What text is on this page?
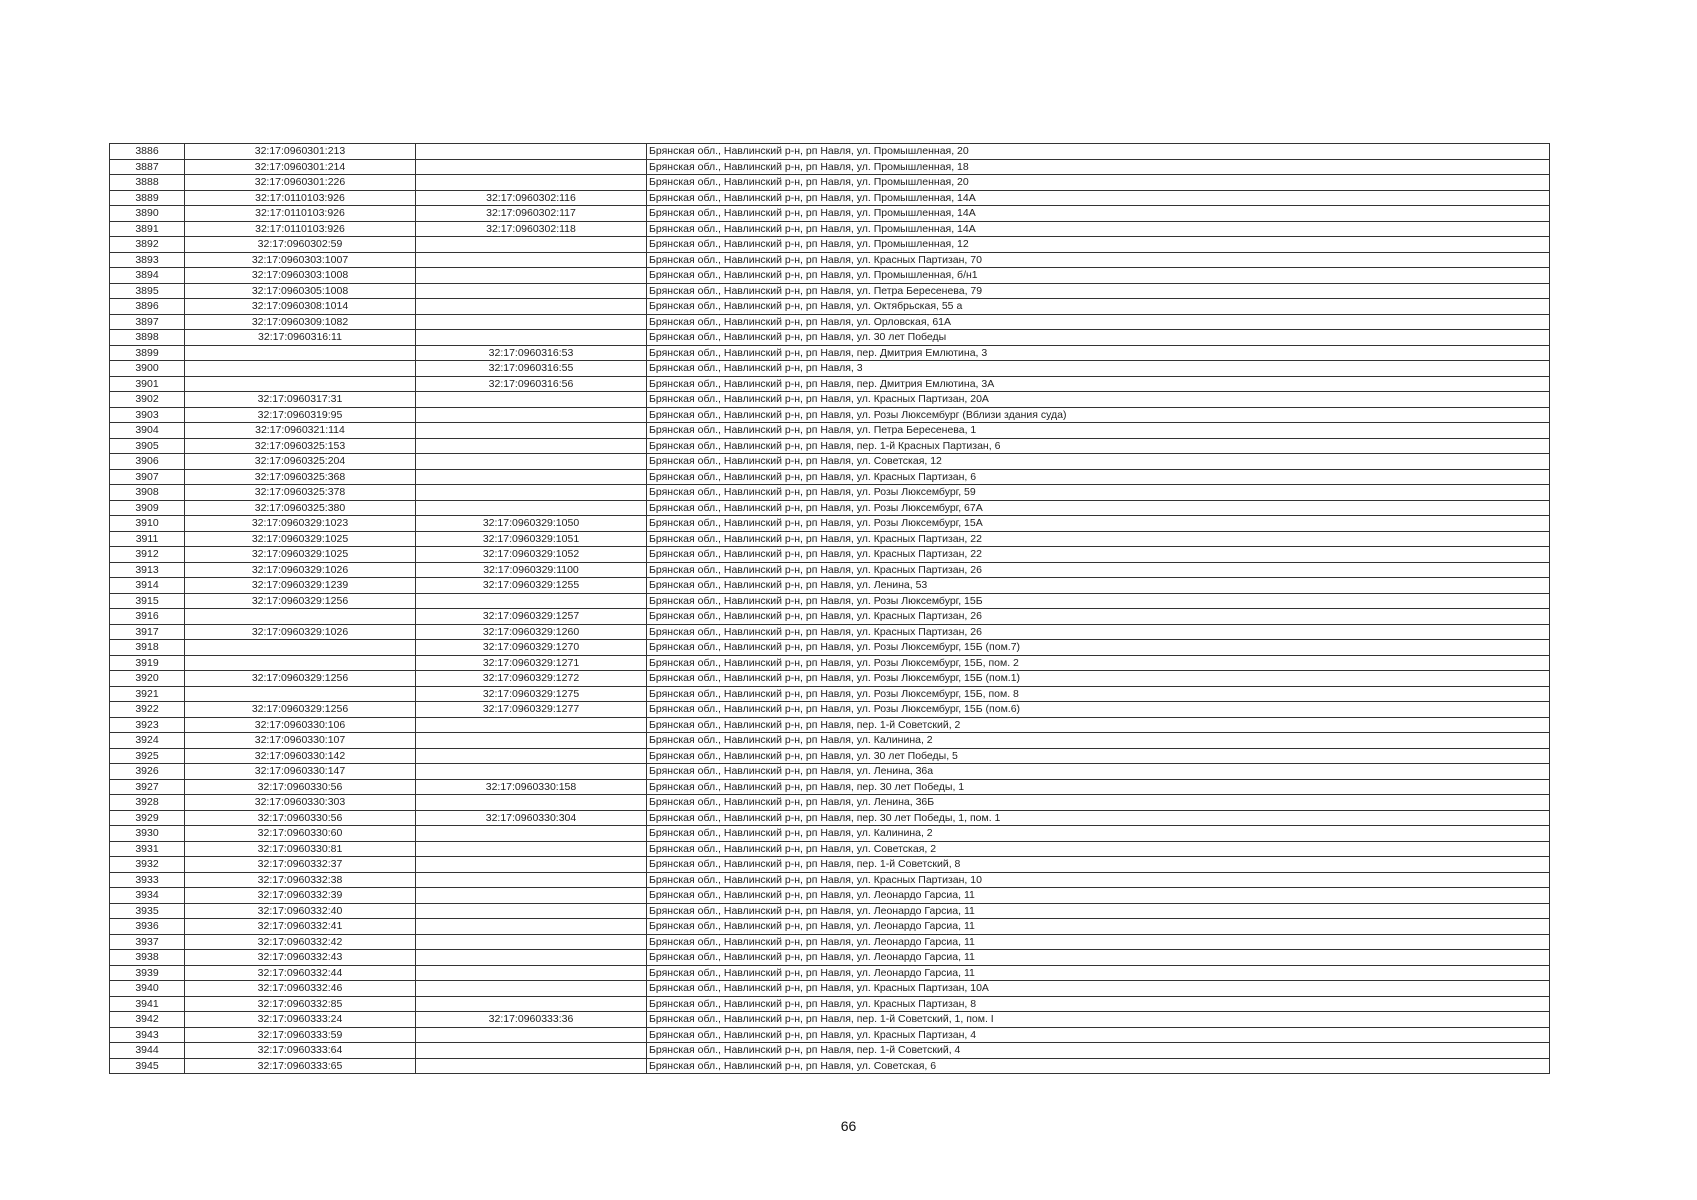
3886	32:17:0960301:213		Брянская обл., Навлинский р-н, рп Навля, ул. Промышленная, 20
3887	32:17:0960301:214		Брянская обл., Навлинский р-н, рп Навля, ул. Промышленная, 18
3888	32:17:0960301:226		Брянская обл., Навлинский р-н, рп Навля, ул. Промышленная, 20
3889	32:17:0110103:926	32:17:0960302:116	Брянская обл., Навлинский р-н, рп Навля, ул. Промышленная, 14А
3890	32:17:0110103:926	32:17:0960302:117	Брянская обл., Навлинский р-н, рп Навля, ул. Промышленная, 14А
3891	32:17:0110103:926	32:17:0960302:118	Брянская обл., Навлинский р-н, рп Навля, ул. Промышленная, 14А
3892	32:17:0960302:59		Брянская обл., Навлинский р-н, рп Навля, ул. Промышленная, 12
3893	32:17:0960303:1007		Брянская обл., Навлинский р-н, рп Навля, ул. Красных Партизан, 70
3894	32:17:0960303:1008		Брянская обл., Навлинский р-н, рп Навля, ул. Промышленная, б/н1
3895	32:17:0960305:1008		Брянская обл., Навлинский р-н, рп Навля, ул. Петра Бересенева, 79
3896	32:17:0960308:1014		Брянская обл., Навлинский р-н, рп Навля, ул. Октябрьская, 55 а
3897	32:17:0960309:1082		Брянская обл., Навлинский р-н, рп Навля, ул. Орловская, 61А
3898	32:17:0960316:11		Брянская обл., Навлинский р-н, рп Навля, ул. 30 лет Победы
3899		32:17:0960316:53	Брянская обл., Навлинский р-н, рп Навля, пер. Дмитрия Емлютина, 3
3900		32:17:0960316:55	Брянская обл., Навлинский р-н, рп Навля, 3
3901		32:17:0960316:56	Брянская обл., Навлинский р-н, рп Навля, пер. Дмитрия Емлютина, 3А
3902	32:17:0960317:31		Брянская обл., Навлинский р-н, рп Навля, ул. Красных Партизан, 20А
3903	32:17:0960319:95		Брянская обл., Навлинский р-н, рп Навля, ул. Розы Люксембург (Вблизи здания суда)
3904	32:17:0960321:114		Брянская обл., Навлинский р-н, рп Навля, ул. Петра Бересенева, 1
3905	32:17:0960325:153		Брянская обл., Навлинский р-н, рп Навля, пер. 1-й Красных Партизан, 6
3906	32:17:0960325:204		Брянская обл., Навлинский р-н, рп Навля, ул. Советская, 12
3907	32:17:0960325:368		Брянская обл., Навлинский р-н, рп Навля, ул. Красных Партизан, 6
3908	32:17:0960325:378		Брянская обл., Навлинский р-н, рп Навля, ул. Розы Люксембург, 59
3909	32:17:0960325:380		Брянская обл., Навлинский р-н, рп Навля, ул. Розы Люксембург, 67А
3910	32:17:0960329:1023	32:17:0960329:1050	Брянская обл., Навлинский р-н, рп Навля, ул. Розы Люксембург, 15А
3911	32:17:0960329:1025	32:17:0960329:1051	Брянская обл., Навлинский р-н, рп Навля, ул. Красных Партизан, 22
3912	32:17:0960329:1025	32:17:0960329:1052	Брянская обл., Навлинский р-н, рп Навля, ул. Красных Партизан, 22
3913	32:17:0960329:1026	32:17:0960329:1100	Брянская обл., Навлинский р-н, рп Навля, ул. Красных Партизан, 26
3914	32:17:0960329:1239	32:17:0960329:1255	Брянская обл., Навлинский р-н, рп Навля, ул. Ленина, 53
3915	32:17:0960329:1256		Брянская обл., Навлинский р-н, рп Навля, ул. Розы Люксембург, 15Б
3916		32:17:0960329:1257	Брянская обл., Навлинский р-н, рп Навля, ул. Красных Партизан, 26
3917	32:17:0960329:1026	32:17:0960329:1260	Брянская обл., Навлинский р-н, рп Навля, ул. Красных Партизан, 26
3918		32:17:0960329:1270	Брянская обл., Навлинский р-н, рп Навля, ул. Розы Люксембург, 15Б (пом.7)
3919		32:17:0960329:1271	Брянская обл., Навлинский р-н, рп Навля, ул. Розы Люксембург, 15Б, пом. 2
3920	32:17:0960329:1256	32:17:0960329:1272	Брянская обл., Навлинский р-н, рп Навля, ул. Розы Люксембург, 15Б (пом.1)
3921		32:17:0960329:1275	Брянская обл., Навлинский р-н, рп Навля, ул. Розы Люксембург, 15Б, пом. 8
3922	32:17:0960329:1256	32:17:0960329:1277	Брянская обл., Навлинский р-н, рп Навля, ул. Розы Люксембург, 15Б (пом.6)
3923	32:17:0960330:106		Брянская обл., Навлинский р-н, рп Навля, пер. 1-й Советский, 2
3924	32:17:0960330:107		Брянская обл., Навлинский р-н, рп Навля, ул. Калинина, 2
3925	32:17:0960330:142		Брянская обл., Навлинский р-н, рп Навля, ул. 30 лет Победы, 5
3926	32:17:0960330:147		Брянская обл., Навлинский р-н, рп Навля, ул. Ленина, 36а
3927	32:17:0960330:56	32:17:0960330:158	Брянская обл., Навлинский р-н, рп Навля, пер. 30 лет Победы, 1
3928	32:17:0960330:303		Брянская обл., Навлинский р-н, рп Навля, ул. Ленина, 36Б
3929	32:17:0960330:56	32:17:0960330:304	Брянская обл., Навлинский р-н, рп Навля, пер. 30 лет Победы, 1, пом. 1
3930	32:17:0960330:60		Брянская обл., Навлинский р-н, рп Навля, ул. Калинина, 2
3931	32:17:0960330:81		Брянская обл., Навлинский р-н, рп Навля, ул. Советская, 2
3932	32:17:0960332:37		Брянская обл., Навлинский р-н, рп Навля, пер. 1-й Советский, 8
3933	32:17:0960332:38		Брянская обл., Навлинский р-н, рп Навля, ул. Красных Партизан, 10
3934	32:17:0960332:39		Брянская обл., Навлинский р-н, рп Навля, ул. Леонардо Гарсиа, 11
3935	32:17:0960332:40		Брянская обл., Навлинский р-н, рп Навля, ул. Леонардо Гарсиа, 11
3936	32:17:0960332:41		Брянская обл., Навлинский р-н, рп Навля, ул. Леонардо Гарсиа, 11
3937	32:17:0960332:42		Брянская обл., Навлинский р-н, рп Навля, ул. Леонардо Гарсиа, 11
3938	32:17:0960332:43		Брянская обл., Навлинский р-н, рп Навля, ул. Леонардо Гарсиа, 11
3939	32:17:0960332:44		Брянская обл., Навлинский р-н, рп Навля, ул. Леонардо Гарсиа, 11
3940	32:17:0960332:46		Брянская обл., Навлинский р-н, рп Навля, ул. Красных Партизан, 10А
3941	32:17:0960332:85		Брянская обл., Навлинский р-н, рп Навля, ул. Красных Партизан, 8
3942	32:17:0960333:24	32:17:0960333:36	Брянская обл., Навлинский р-н, рп Навля, пер. 1-й Советский, 1, пом. I
3943	32:17:0960333:59		Брянская обл., Навлинский р-н, рп Навля, ул. Красных Партизан, 4
3944	32:17:0960333:64		Брянская обл., Навлинский р-н, рп Навля, пер. 1-й Советский, 4
3945	32:17:0960333:65		Брянская обл., Навлинский р-н, рп Навля, ул. Советская, 6
66
